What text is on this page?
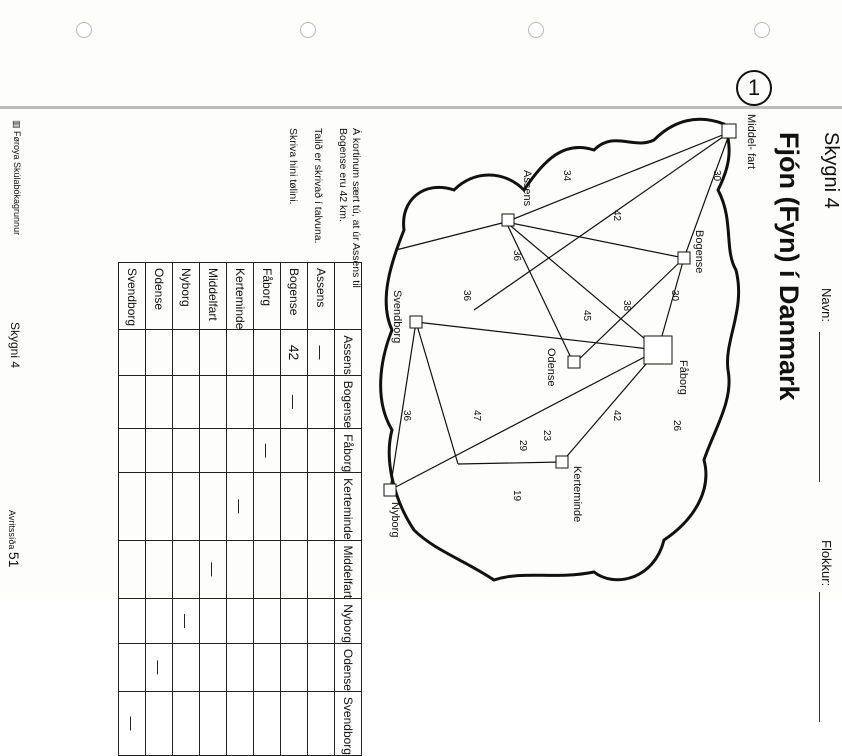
1
▥ Føroya Skúlabókagrunnur
Skygni 4
Avritssíða 51
Skygni 4
Navn:
Flokkur:
Fjón (Fyn) í Danmark
Middel- fart
Assens
Bogense
Fåborg
Odense
Kerteminde
Nyborg
Svendborg
30
34
42
36
36
45
30
38
42
23
29
26
19
47
36

Á kortinum sært tú, at úr Assens til Bogense eru 42 km.

Talið er skrivað í talvuna.

Skriva hini tølini.

	Assens	Bogense	Fåborg	Kerteminde	Middelfart	Nyborg	Odense	Svendborg
Assens	—							
Bogense	42	—						
Fåborg			—					
Kerteminde				—				
Middelfart					—			
Nyborg						—		
Odense							—	
Svendborg								—
